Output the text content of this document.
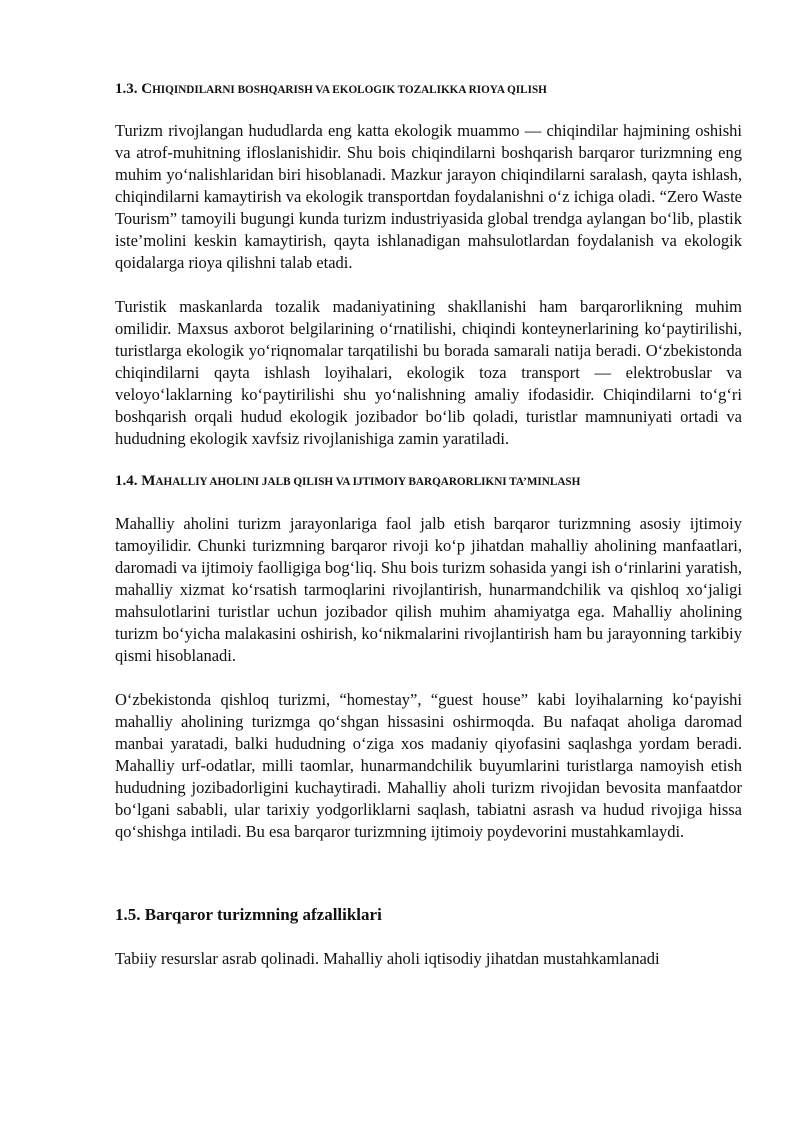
1.3. CHIQINDILARNI BOSHQARISH VA EKOLOGIK TOZALIKKA RIOYA QILISH

Turizm rivojlangan hududlarda eng katta ekologik muammo — chiqindilar hajmining oshishi va atrof-muhitning ifloslanishidir. Shu bois chiqindilarni boshqarish barqaror turizmning eng muhim yo‘nalishlaridan biri hisoblanadi. Mazkur jarayon chiqindilarni saralash, qayta ishlash, chiqindilarni kamaytirish va ekologik transportdan foydalanishni o‘z ichiga oladi. “Zero Waste Tourism” tamoyili bugungi kunda turizm industriyasida global trendga aylangan bo‘lib, plastik iste’molini keskin kamaytirish, qayta ishlanadigan mahsulotlardan foydalanish va ekologik qoidalarga rioya qilishni talab etadi.

Turistik maskanlarda tozalik madaniyatining shakllanishi ham barqarorlikning muhim omilidir. Maxsus axborot belgilarining o‘rnatilishi, chiqindi konteynerlarining ko‘paytirilishi, turistlarga ekologik yo‘riqnomalar tarqatilishi bu borada samarali natija beradi. O‘zbekistonda chiqindilarni qayta ishlash loyihalari, ekologik toza transport — elektrobuslar va veloyo‘laklarning ko‘paytirilishi shu yo‘nalishning amaliy ifodasidir. Chiqindilarni to‘g‘ri boshqarish orqali hudud ekologik jozibador bo‘lib qoladi, turistlar mamnuniyati ortadi va hududning ekologik xavfsiz rivojlanishiga zamin yaratiladi.

1.4. MAHALLIY AHOLINI JALB QILISH VA IJTIMOIY BARQARORLIKNI TA’MINLASH

Mahalliy aholini turizm jarayonlariga faol jalb etish barqaror turizmning asosiy ijtimoiy tamoyilidir. Chunki turizmning barqaror rivoji ko‘p jihatdan mahalliy aholining manfaatlari, daromadi va ijtimoiy faolligiga bog‘liq. Shu bois turizm sohasida yangi ish o‘rinlarini yaratish, mahalliy xizmat ko‘rsatish tarmoqlarini rivojlantirish, hunarmandchilik va qishloq xo‘jaligi mahsulotlarini turistlar uchun jozibador qilish muhim ahamiyatga ega. Mahalliy aholining turizm bo‘yicha malakasini oshirish, ko‘nikmalarini rivojlantirish ham bu jarayonning tarkibiy qismi hisoblanadi.

O‘zbekistonda qishloq turizmi, “homestay”, “guest house” kabi loyihalarning ko‘payishi mahalliy aholining turizmga qo‘shgan hissasini oshirmoqda. Bu nafaqat aholiga daromad manbai yaratadi, balki hududning o‘ziga xos madaniy qiyofasini saqlashga yordam beradi. Mahalliy urf-odatlar, milli taomlar, hunarmandchilik buyumlarini turistlarga namoyish etish hududning jozibadorligini kuchaytiradi. Mahalliy aholi turizm rivojidan bevosita manfaatdor bo‘lgani sababli, ular tarixiy yodgorliklarni saqlash, tabiatni asrash va hudud rivojiga hissa qo‘shishga intiladi. Bu esa barqaror turizmning ijtimoiy poydevorini mustahkamlaydi.

1.5. Barqaror turizmning afzalliklari

Tabiiy resurslar asrab qolinadi. Mahalliy aholi iqtisodiy jihatdan mustahkamlanadi
